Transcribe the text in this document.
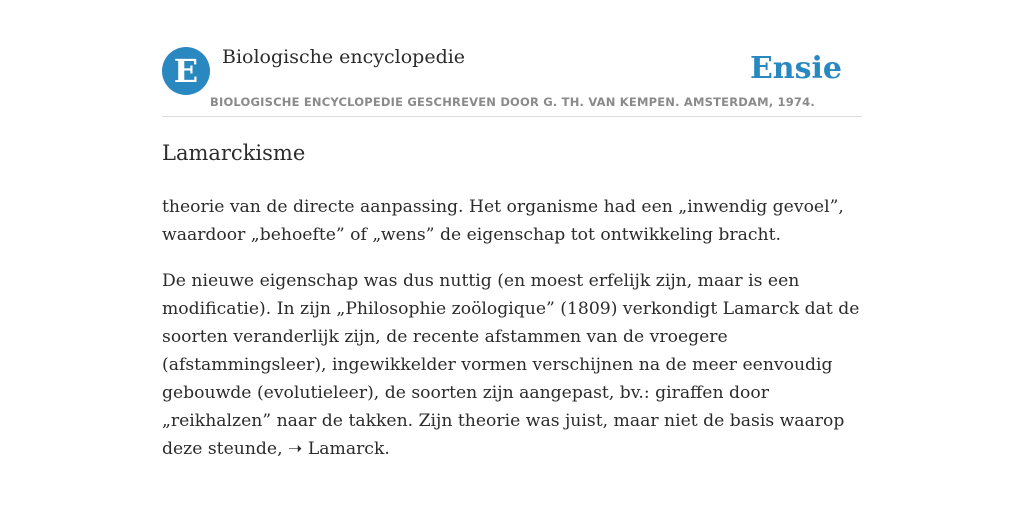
E	Biologische encyclopedie	Ensie
BIOLOGISCHE ENCYCLOPEDIE GESCHREVEN DOOR G. TH. VAN KEMPEN. AMSTERDAM, 1974.
Lamarckisme

theorie van de directe aanpassing. Het organisme had een „inwendig gevoel”, waardoor „behoefte” of „wens” de eigenschap tot ontwikkeling bracht.

De nieuwe eigenschap was dus nuttig (en moest erfelijk zijn, maar is een modificatie). In zijn „Philosophie zoölogique” (1809) verkondigt Lamarck dat de soorten veranderlijk zijn, de recente afstammen van de vroegere (afstammingsleer), ingewikkelder vormen verschijnen na de meer eenvoudig gebouwde (evolutieleer), de soorten zijn aangepast, bv.: giraffen door „reikhalzen” naar de takken. Zijn theorie was juist, maar niet de basis waarop deze steunde, ➝ Lamarck.
